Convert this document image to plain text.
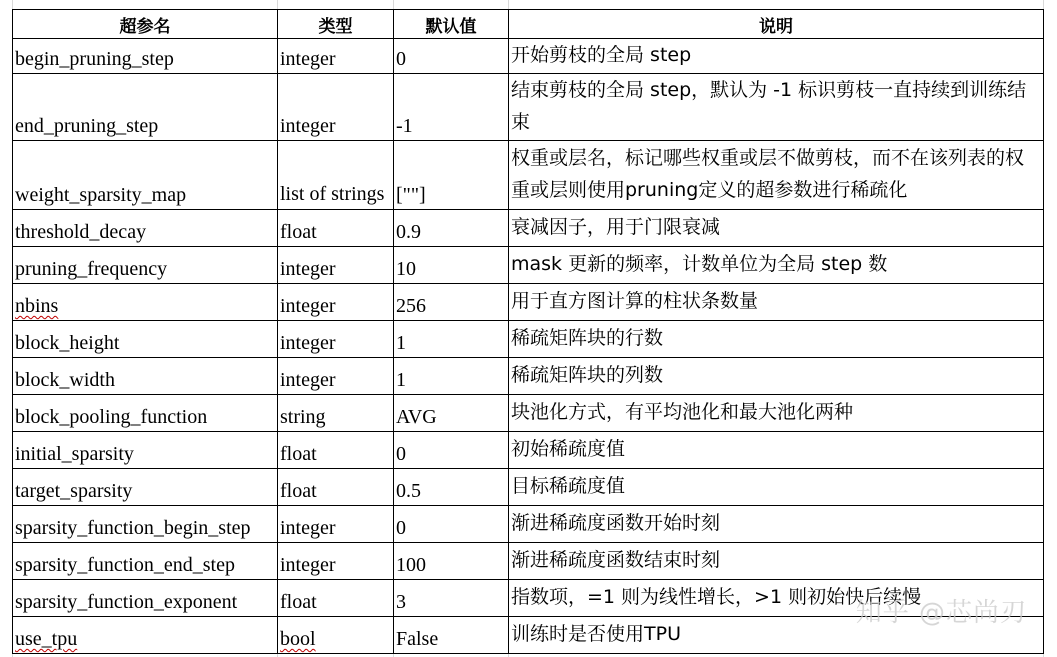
超参名	类型	默认值	说明
begin_pruning_step	integer	0	开始剪枝的全局 step
end_pruning_step	integer	-1	结束剪枝的全局 step，默认为 -1 标识剪枝一直持续到训练结束
weight_sparsity_map	list of strings	[""]	权重或层名，标记哪些权重或层不做剪枝，而不在该列表的权重或层则使用pruning定义的超参数进行稀疏化
threshold_decay	float	0.9	衰减因子，用于门限衰减
pruning_frequency	integer	10	mask 更新的频率，计数单位为全局 step 数
nbins	integer	256	用于直方图计算的柱状条数量
block_height	integer	1	稀疏矩阵块的行数
block_width	integer	1	稀疏矩阵块的列数
block_pooling_function	string	AVG	块池化方式，有平均池化和最大池化两种
initial_sparsity	float	0	初始稀疏度值
target_sparsity	float	0.5	目标稀疏度值
sparsity_function_begin_step	integer	0	渐进稀疏度函数开始时刻
sparsity_function_end_step	integer	100	渐进稀疏度函数结束时刻
sparsity_function_exponent	float	3	指数项，=1 则为线性增长，>1 则初始快后续慢
use_tpu	bool	False	训练时是否使用TPU
知乎 @芯尚刃
